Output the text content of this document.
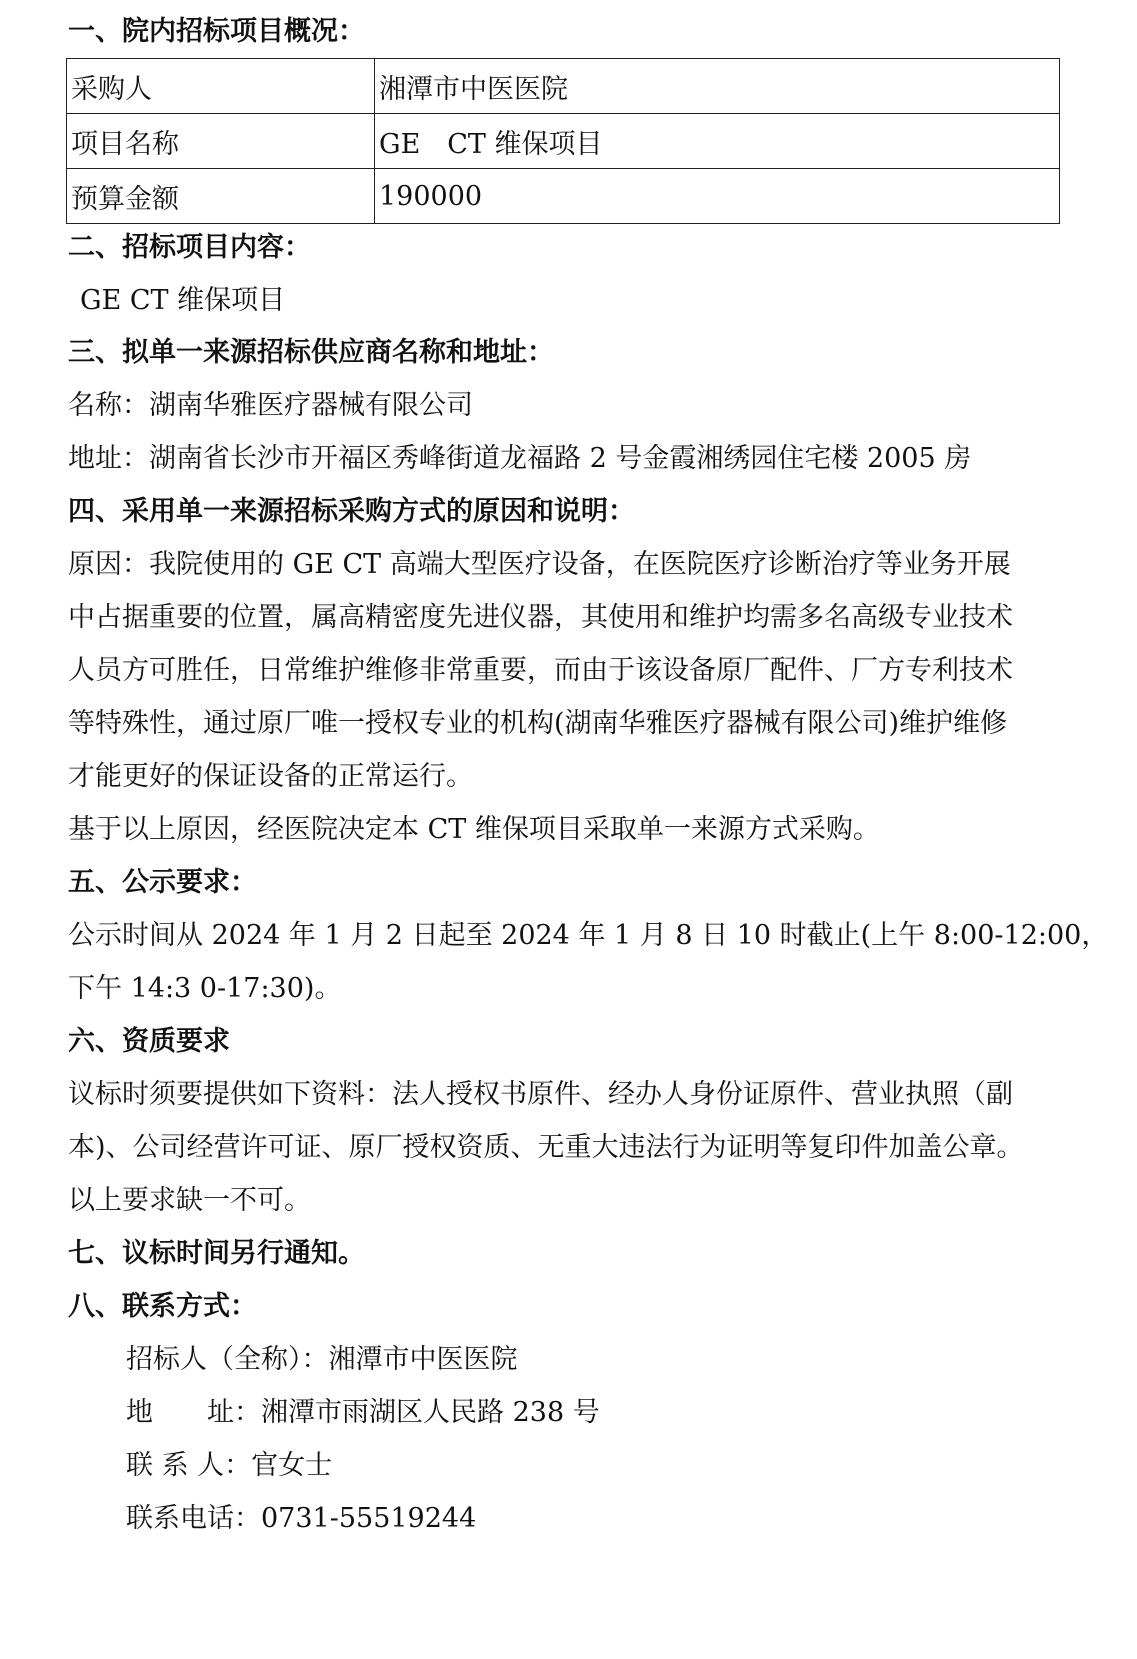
一、院内招标项目概况：
采购人	湘潭市中医医院
项目名称	GE　CT 维保项目
预算金额	190000
二、招标项目内容：
GE CT 维保项目
三、拟单一来源招标供应商名称和地址：
名称：湖南华雅医疗器械有限公司
地址：湖南省长沙市开福区秀峰街道龙福路 2 号金霞湘绣园住宅楼 2005 房
四、采用单一来源招标采购方式的原因和说明：
原因：我院使用的 GE CT 高端大型医疗设备，在医院医疗诊断治疗等业务开展
中占据重要的位置，属高精密度先进仪器，其使用和维护均需多名高级专业技术
人员方可胜任，日常维护维修非常重要，而由于该设备原厂配件、厂方专利技术
等特殊性，通过原厂唯一授权专业的机构(湖南华雅医疗器械有限公司)维护维修
才能更好的保证设备的正常运行。
基于以上原因，经医院决定本 CT 维保项目采取单一来源方式采购。
五、公示要求：
公示时间从 2024 年 1 月 2 日起至 2024 年 1 月 8 日 10 时截止(上午 8:00-12:00，
下午 14:3 0-17:30)。
六、资质要求
议标时须要提供如下资料：法人授权书原件、经办人身份证原件、营业执照（副
本)、公司经营许可证、原厂授权资质、无重大违法行为证明等复印件加盖公章。
以上要求缺一不可。
七、议标时间另行通知。
八、联系方式：
招标人（全称）：湘潭市中医医院
地　　址：湘潭市雨湖区人民路 238 号
联 系 人：官女士
联系电话：0731-55519244
